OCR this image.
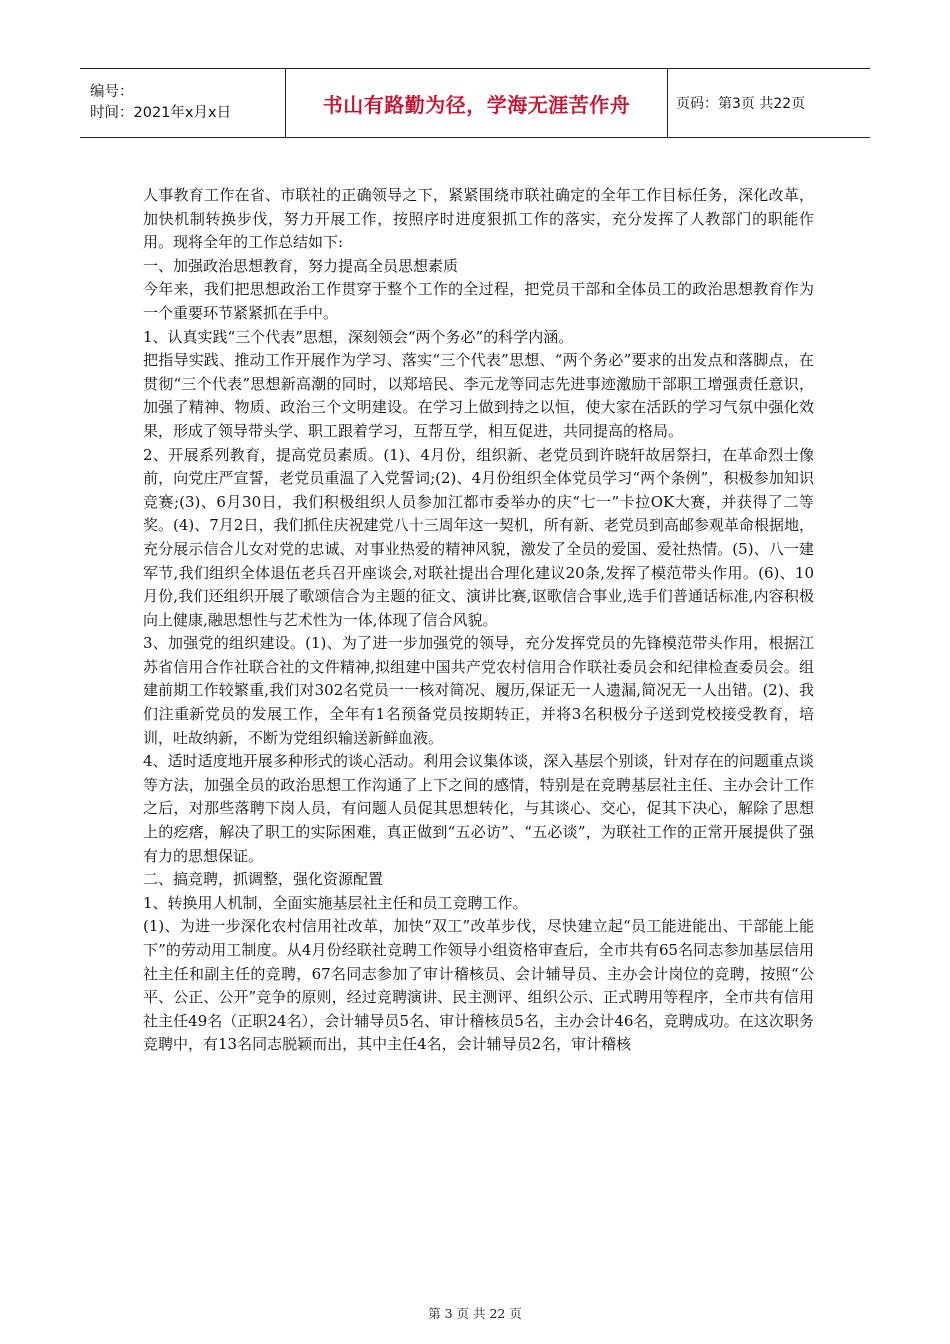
编号：
时间：2021年x月x日	书山有路勤为径，学海无涯苦作舟	页码：第3页 共22页

人事教育工作在省、市联社的正确领导之下，紧紧围绕市联社确定的全年工作目标任务，深化改革，加快机制转换步伐，努力开展工作，按照序时进度狠抓工作的落实，充分发挥了人教部门的职能作用。现将全年的工作总结如下:

一、加强政治思想教育，努力提高全员思想素质

今年来，我们把思想政治工作贯穿于整个工作的全过程，把党员干部和全体员工的政治思想教育作为一个重要环节紧紧抓在手中。

1、认真实践“三个代表”思想，深刻领会“两个务必”的科学内涵。

把指导实践、推动工作开展作为学习、落实“三个代表”思想、“两个务必”要求的出发点和落脚点，在贯彻“三个代表”思想新高潮的同时，以郑培民、李元龙等同志先进事迹激励干部职工增强责任意识，加强了精神、物质、政治三个文明建设。在学习上做到持之以恒，使大家在活跃的学习气氛中强化效果，形成了领导带头学、职工跟着学习，互帮互学，相互促进，共同提高的格局。

2、开展系列教育，提高党员素质。(1)、4月份，组织新、老党员到许晓轩故居祭扫，在革命烈士像前，向党庄严宣誓，老党员重温了入党誓词;(2)、4月份组织全体党员学习“两个条例”，积极参加知识竞赛;(3)、6月30日，我们积极组织人员参加江都市委举办的庆“七一”卡拉OK大赛，并获得了二等奖。(4)、7月2日，我们抓住庆祝建党八十三周年这一契机，所有新、老党员到高邮参观革命根据地，充分展示信合儿女对党的忠诚、对事业热爱的精神风貌，激发了全员的爱国、爱社热情。(5)、八一建军节,我们组织全体退伍老兵召开座谈会,对联社提出合理化建议20条,发挥了模范带头作用。(6)、10月份,我们还组织开展了歌颂信合为主题的征文、演讲比赛,讴歌信合事业,选手们普通话标准,内容积极向上健康,融思想性与艺术性为一体,体现了信合风貌。

3、加强党的组织建设。(1)、为了进一步加强党的领导，充分发挥党员的先锋模范带头作用，根据江苏省信用合作社联合社的文件精神,拟组建中国共产党农村信用合作联社委员会和纪律检查委员会。组建前期工作较繁重,我们对302名党员一一核对简况、履历,保证无一人遗漏,简况无一人出错。(2)、我们注重新党员的发展工作，全年有1名预备党员按期转正，并将3名积极分子送到党校接受教育，培训，吐故纳新，不断为党组织输送新鲜血液。

4、适时适度地开展多种形式的谈心活动。利用会议集体谈，深入基层个别谈，针对存在的问题重点谈等方法，加强全员的政治思想工作沟通了上下之间的感情，特别是在竞聘基层社主任、主办会计工作之后，对那些落聘下岗人员，有问题人员促其思想转化，与其谈心、交心，促其下决心，解除了思想上的疙瘩，解决了职工的实际困难，真正做到“五必访”、“五必谈”，为联社工作的正常开展提供了强有力的思想保证。

二、搞竞聘，抓调整，强化资源配置

1、转换用人机制，全面实施基层社主任和员工竞聘工作。

(1)、为进一步深化农村信用社改革，加快“双工”改革步伐，尽快建立起“员工能进能出、干部能上能下”的劳动用工制度。从4月份经联社竞聘工作领导小组资格审查后，全市共有65名同志参加基层信用社主任和副主任的竞聘，67名同志参加了审计稽核员、会计辅导员、主办会计岗位的竞聘，按照“公平、公正、公开”竞争的原则，经过竞聘演讲、民主测评、组织公示、正式聘用等程序，全市共有信用社主任49名（正职24名），会计辅导员5名、审计稽核员5名，主办会计46名，竞聘成功。在这次职务竞聘中，有13名同志脱颖而出，其中主任4名，会计辅导员2名，审计稽核

第 3 页 共 22 页
